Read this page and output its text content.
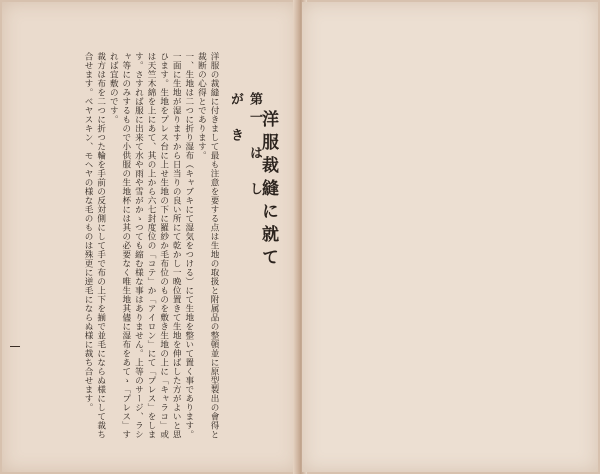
洋服裁縫に就て
第一　は　し　が　き

洋服の裁縫に付きまして最も注意を要する点は生地の取扱と附属品の整頓並に原型製出の會得と裁断の心得とであります。

一、生地は二つに折り湿布（キャブキにて湿気をつける）にて生地を整いて置く事であります。一面に生地が湿りますから日当りの良い所にて乾かし一晩位置きて生地を伸ばした方がよいと思ひます。生地をプレス台に上せ生地の下に羅紗か毛布位のものを敷き生地の上に「キャラコ」或は天竺木綿を上にあて、其の上から六七封度位の「コテ」か「アイロン」にて「プレス」をします。さすれば服に出来て水や雨や雪がかゝつても縮む様な事はありません。上等のサージ、ラシャ等にのみするもので小供服の生地杯には其の必要なく唯生地其儘に湿布をあてゝ「プレス」すれば宜敷のです。

裁方は布を二つに折つた輪を手前の反対側にして手で布の上下を揃で並毛にならぬ様にして裁ち合せます。ベヤスキン、モヘヤの様な毛のものは殊更に逆毛にならぬ様に裁ち合せます。
